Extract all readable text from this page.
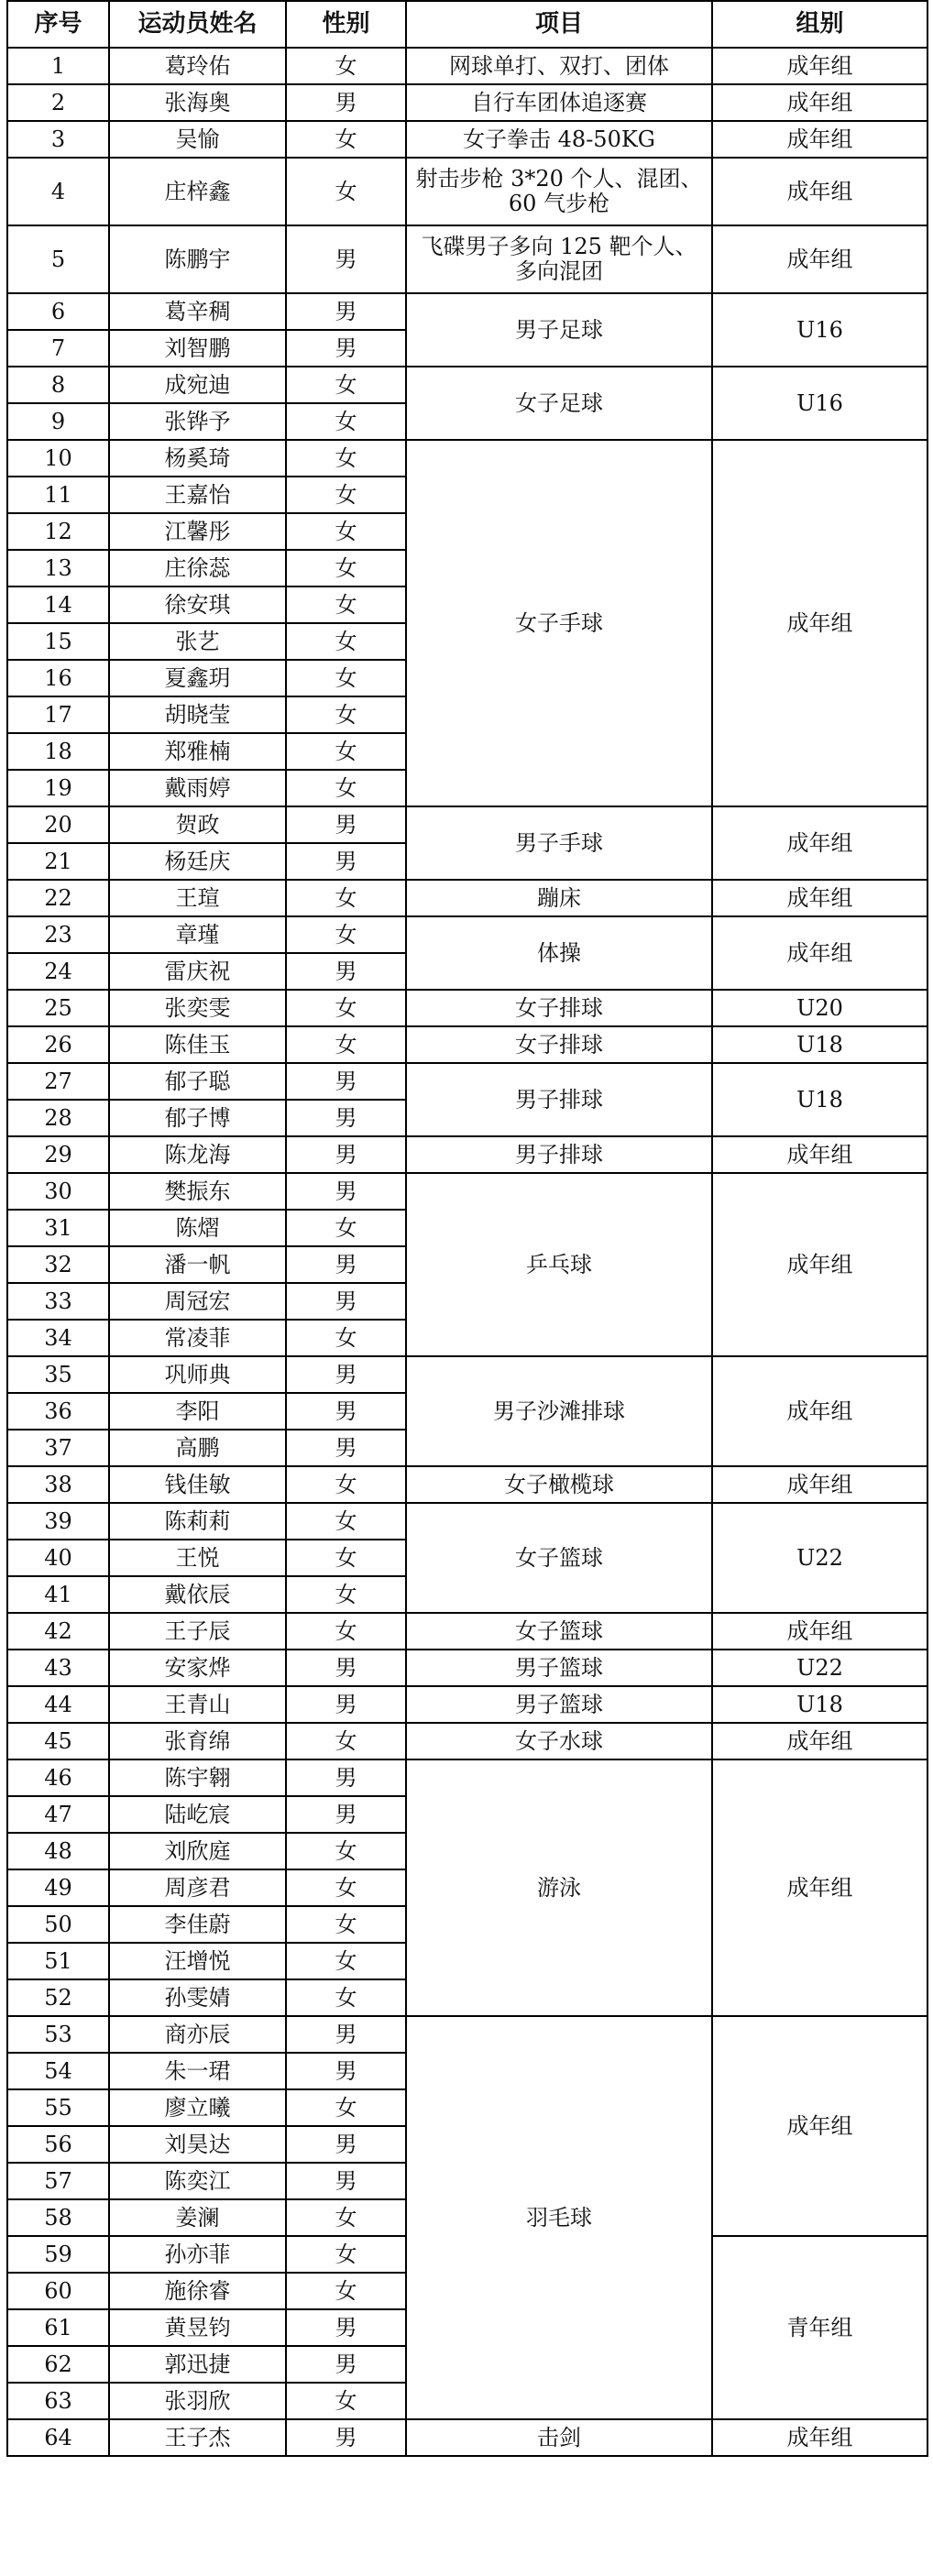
序号	运动员姓名	性别	项目	组别
1	葛玲佑	女	网球单打、双打、团体	成年组
2	张海奥	男	自行车团体追逐赛	成年组
3	吴愉	女	女子拳击 48-50KG	成年组
4	庄梓鑫	女	射击步枪 3*20 个人、混团、60 气步枪	成年组
5	陈鹏宇	男	飞碟男子多向 125 靶个人、多向混团	成年组
6	葛辛稠	男	男子足球	U16
7	刘智鹏	男		
8	成宛迪	女	女子足球	U16
9	张铧予	女		
10	杨奚琦	女	女子手球	成年组
11	王嘉怡	女		
12	江馨彤	女		
13	庄徐蕊	女		
14	徐安琪	女		
15	张艺	女		
16	夏鑫玥	女		
17	胡晓莹	女		
18	郑雅楠	女		
19	戴雨婷	女		
20	贺政	男	男子手球	成年组
21	杨廷庆	男		
22	王瑄	女	蹦床	成年组
23	章瑾	女	体操	成年组
24	雷庆祝	男		
25	张奕雯	女	女子排球	U20
26	陈佳玉	女	女子排球	U18
27	郁子聪	男	男子排球	U18
28	郁子博	男		
29	陈龙海	男	男子排球	成年组
30	樊振东	男	乒乓球	成年组
31	陈熠	女		
32	潘一帆	男		
33	周冠宏	男		
34	常凌菲	女		
35	巩师典	男	男子沙滩排球	成年组
36	李阳	男		
37	高鹏	男		
38	钱佳敏	女	女子橄榄球	成年组
39	陈莉莉	女	女子篮球	U22
40	王悦	女		
41	戴依辰	女		
42	王子辰	女	女子篮球	成年组
43	安家烨	男	男子篮球	U22
44	王青山	男	男子篮球	U18
45	张育绵	女	女子水球	成年组
46	陈宇翱	男	游泳	成年组
47	陆屹宸	男		
48	刘欣庭	女		
49	周彦君	女		
50	李佳蔚	女		
51	汪增悦	女		
52	孙雯婧	女		
53	商亦辰	男	羽毛球	成年组
54	朱一珺	男		
55	廖立曦	女		
56	刘昊达	男		
57	陈奕江	男		
58	姜澜	女		
59	孙亦菲	女		青年组
60	施徐睿	女		
61	黄昱钧	男		
62	郭迅捷	男		
63	张羽欣	女		
64	王子杰	男	击剑	成年组
